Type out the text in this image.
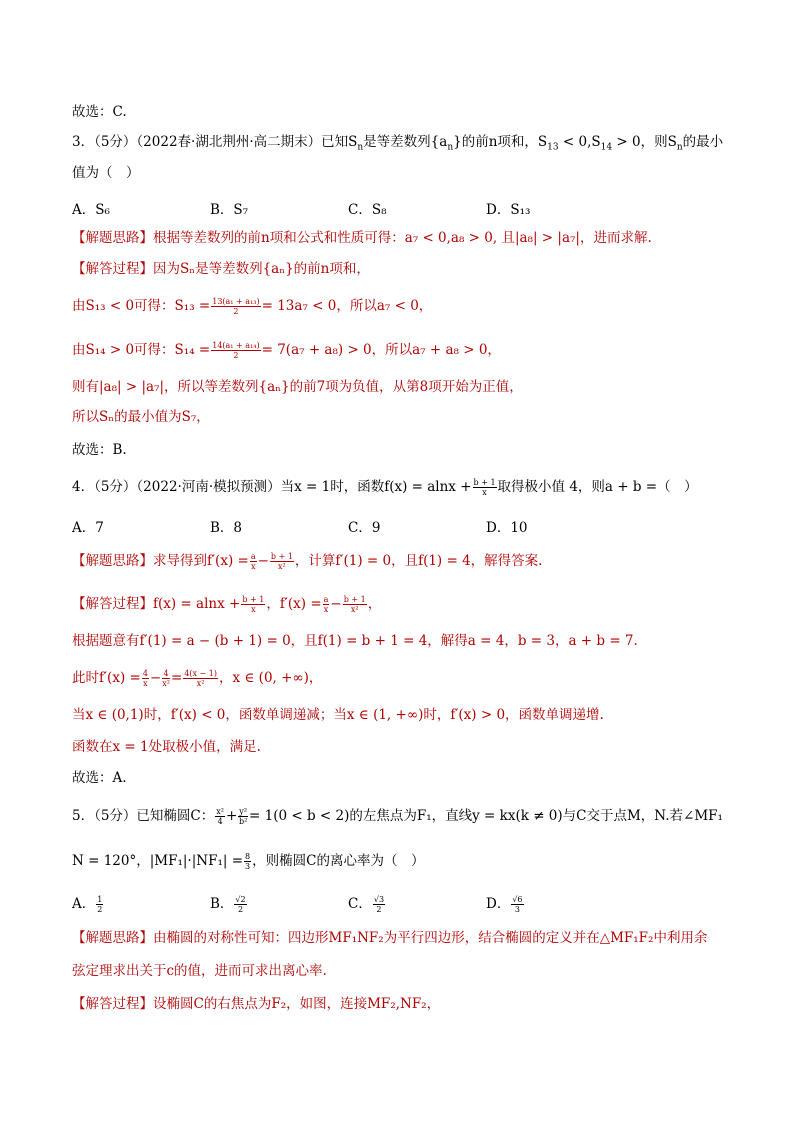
故选：C.
3．（5分）（2022春·湖北荆州·高二期末）已知$S_n$是等差数列$\{a_n\}$的前n项和，$S_{13} < 0,S_{14} > 0$，则$S_n$的最小
值为（　）
A．S₆	B．S₇	C．S₈	D．S₁₃
【解题思路】根据等差数列的前n项和公式和性质可得：a₇ < 0,a₈ > 0, 且|a₈| > |a₇|，进而求解.
【解答过程】因为Sₙ是等差数列{aₙ}的前n项和，
由S₁₃ < 0可得：$S_{13} = \frac{\text{13(a₁ + a₁₃)}}{2} = 13a_7 < 0$，所以a₇ < 0，
由S₁₄ > 0可得：$S_{14} = \frac{\text{14(a₁ + a₁₄)}}{2} = 7(a_7 + a_8) > 0$，所以a₇ + a₈ > 0，
则有|a₈| > |a₇|，所以等差数列{aₙ}的前7项为负值，从第8项开始为正值，
所以Sₙ的最小值为S₇，
故选：B.
4．（5分）（2022·河南·模拟预测）当x = 1时，函数$f(x) = alnx + \frac{b + 1}{x}$ 取得极小值 4，则a + b =（　）
A．7	B．8	C．9	D．10
【解题思路】求导得到$f'(x) = \frac{a}{x} - \frac{b + 1}{\text{x²}}$ ，计算f′(1) = 0，且f(1) = 4，解得答案.
【解答过程】$f(x) = alnx + \frac{b + 1}{x}$ ，$f'(x) = \frac{a}{x} - \frac{b + 1}{\text{x²}}$ ，
根据题意有f′(1) = a − (b + 1) = 0，且f(1) = b + 1 = 4，解得a = 4，b = 3，a + b = 7.
此时$f'(x) = \frac{4}{x} - \frac{4}{\text{x²}} = \frac{4(x - 1)}{\text{x²}}$ ，x ∈ (0, +∞)，
当x ∈ (0,1)时，f′(x) < 0，函数单调递减；当x ∈ (1, +∞)时，f′(x) > 0，函数单调递增.
函数在x = 1处取极小值，满足.
故选：A.
5．（5分）已知椭圆C： $\frac{\text{x²}}{4} + \frac{\text{y²}}{\text{b²}} = 1(0 < b < 2)$的左焦点为F₁，直线y = kx(k ≠ 0)与C交于点M，N.若∠MF₁
N = 120°，$|MF_1|\cdot|NF_1| = \frac{8}{3}$ ，则椭圆C的离心率为（　）
A． $\frac{1}{2}$	B． $\frac{√2}{2}$	C． $\frac{√3}{2}$	D． $\frac{√6}{3}$
【解题思路】由椭圆的对称性可知：四边形MF₁NF₂为平行四边形，结合椭圆的定义并在△MF₁F₂中利用余
弦定理求出关于c的值，进而可求出离心率.
【解答过程】设椭圆C的右焦点为F₂，如图，连接MF₂,NF₂，
